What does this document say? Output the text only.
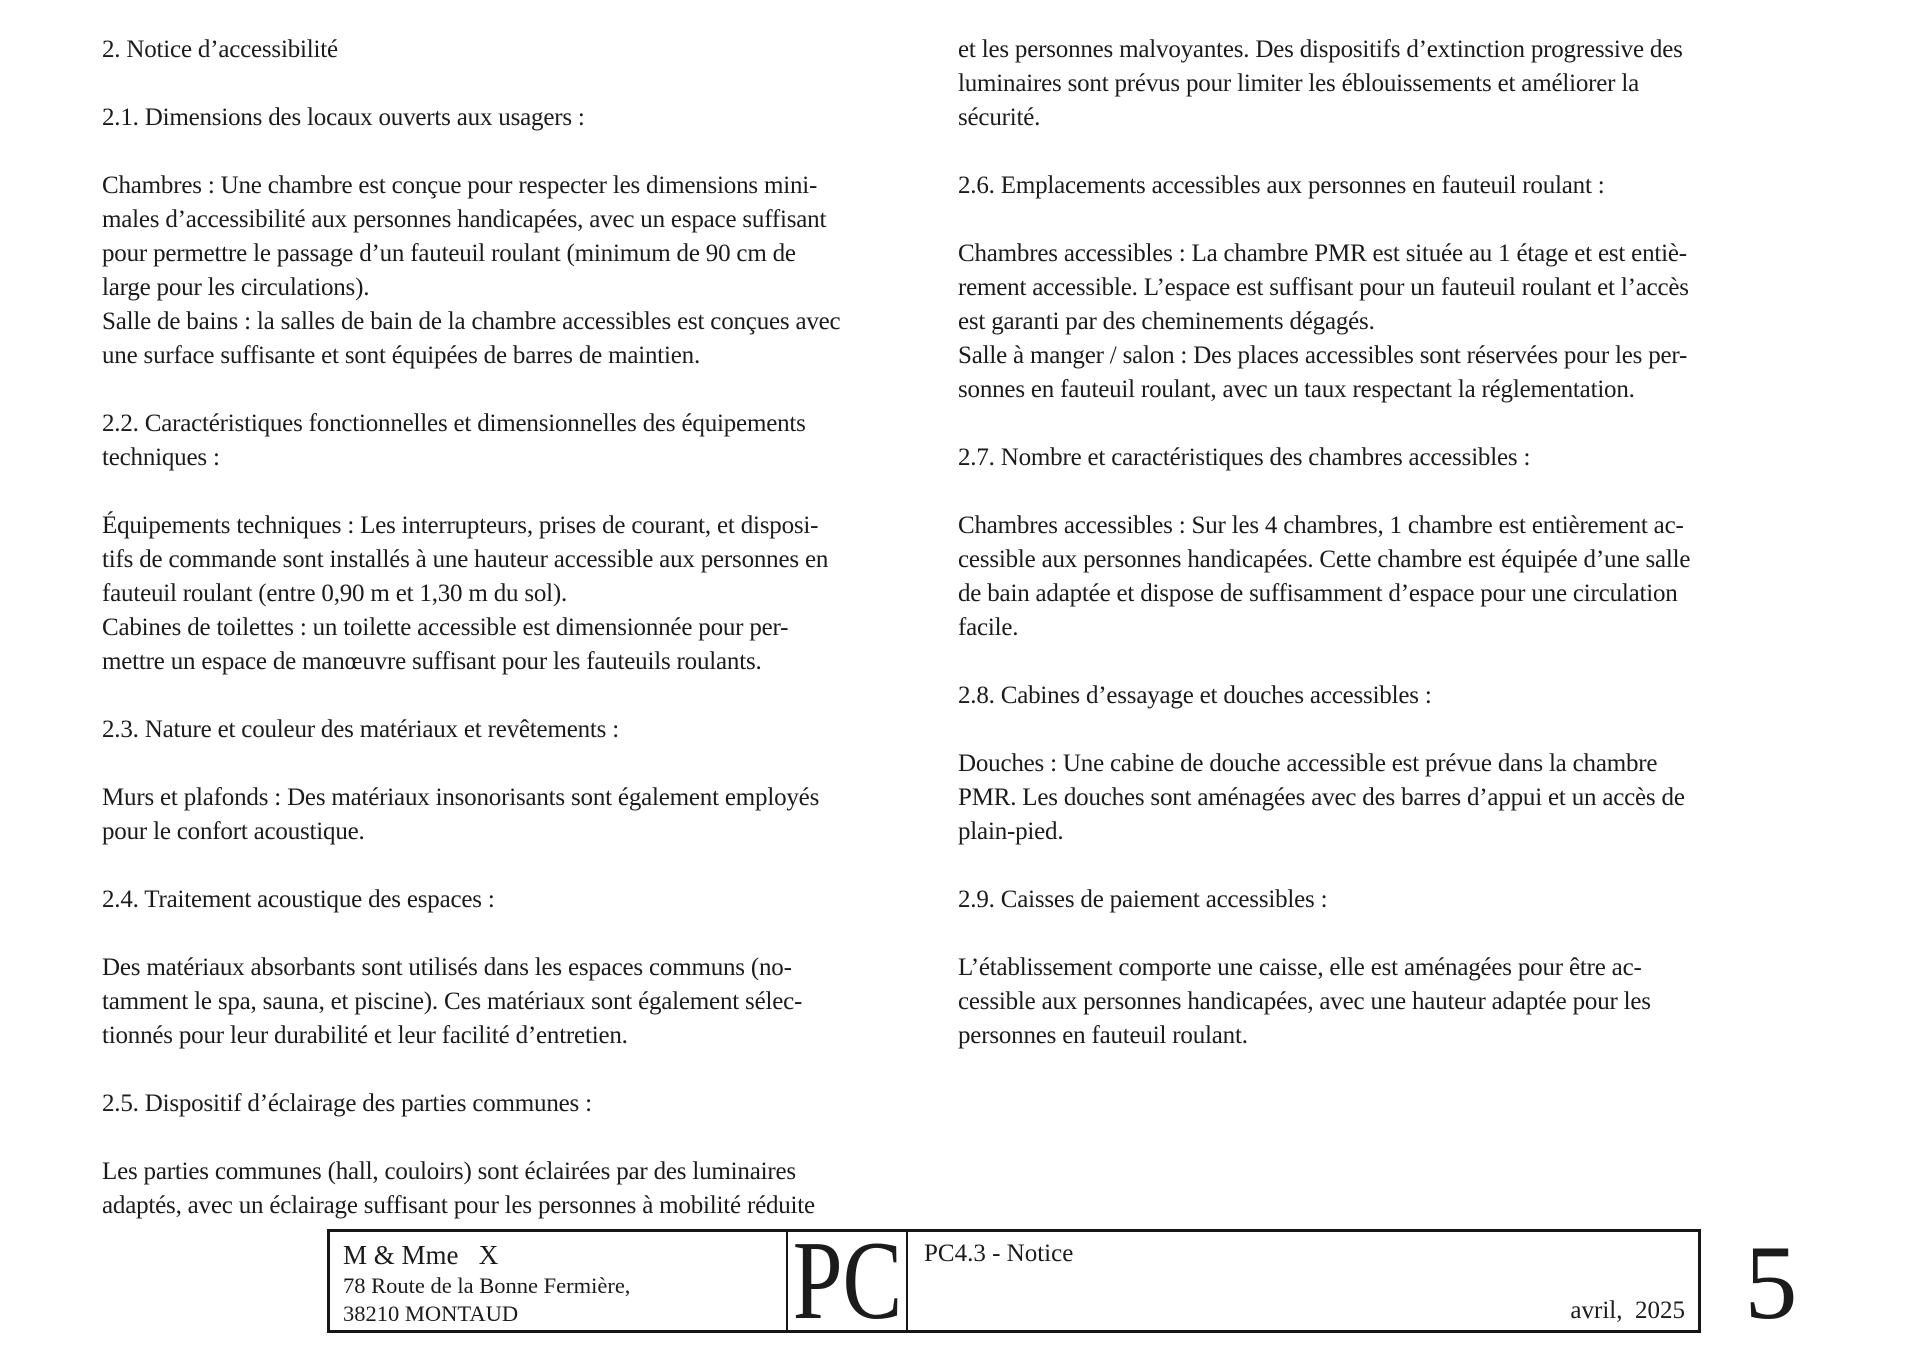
2. Notice d’accessibilité
2.1. Dimensions des locaux ouverts aux usagers :
Chambres : Une chambre est conçue pour respecter les dimensions mini-
males d’accessibilité aux personnes handicapées, avec un espace suffisant
pour permettre le passage d’un fauteuil roulant (minimum de 90 cm de
large pour les circulations).
Salle de bains : la salles de bain de la chambre accessibles est conçues avec
une surface suffisante et sont équipées de barres de maintien.
2.2. Caractéristiques fonctionnelles et dimensionnelles des équipements
techniques :
Équipements techniques : Les interrupteurs, prises de courant, et disposi-
tifs de commande sont installés à une hauteur accessible aux personnes en
fauteuil roulant (entre 0,90 m et 1,30 m du sol).
Cabines de toilettes : un toilette accessible est dimensionnée pour per-
mettre un espace de manœuvre suffisant pour les fauteuils roulants.
2.3. Nature et couleur des matériaux et revêtements :
Murs et plafonds : Des matériaux insonorisants sont également employés
pour le confort acoustique.
2.4. Traitement acoustique des espaces :
Des matériaux absorbants sont utilisés dans les espaces communs (no-
tamment le spa, sauna, et piscine). Ces matériaux sont également sélec-
tionnés pour leur durabilité et leur facilité d’entretien.
2.5. Dispositif d’éclairage des parties communes :
Les parties communes (hall, couloirs) sont éclairées par des luminaires
adaptés, avec un éclairage suffisant pour les personnes à mobilité réduite
et les personnes malvoyantes. Des dispositifs d’extinction progressive des
luminaires sont prévus pour limiter les éblouissements et améliorer la
sécurité.
2.6. Emplacements accessibles aux personnes en fauteuil roulant :
Chambres accessibles : La chambre PMR est située au 1 étage et est entiè-
rement accessible. L’espace est suffisant pour un fauteuil roulant et l’accès
est garanti par des cheminements dégagés.
Salle à manger / salon : Des places accessibles sont réservées pour les per-
sonnes en fauteuil roulant, avec un taux respectant la réglementation.
2.7. Nombre et caractéristiques des chambres accessibles :
Chambres accessibles : Sur les 4 chambres, 1 chambre est entièrement ac-
cessible aux personnes handicapées. Cette chambre est équipée d’une salle
de bain adaptée et dispose de suffisamment d’espace pour une circulation
facile.
2.8. Cabines d’essayage et douches accessibles :
Douches : Une cabine de douche accessible est prévue dans la chambre
PMR. Les douches sont aménagées avec des barres d’appui et un accès de
plain-pied.
2.9. Caisses de paiement accessibles :
L’établissement comporte une caisse, elle est aménagées pour être ac-
cessible aux personnes handicapées, avec une hauteur adaptée pour les
personnes en fauteuil roulant.
M & Mme   X
78 Route de la Bonne Fermière,
38210 MONTAUD	PC PC4.3 - Notice
avril,  2025 5
